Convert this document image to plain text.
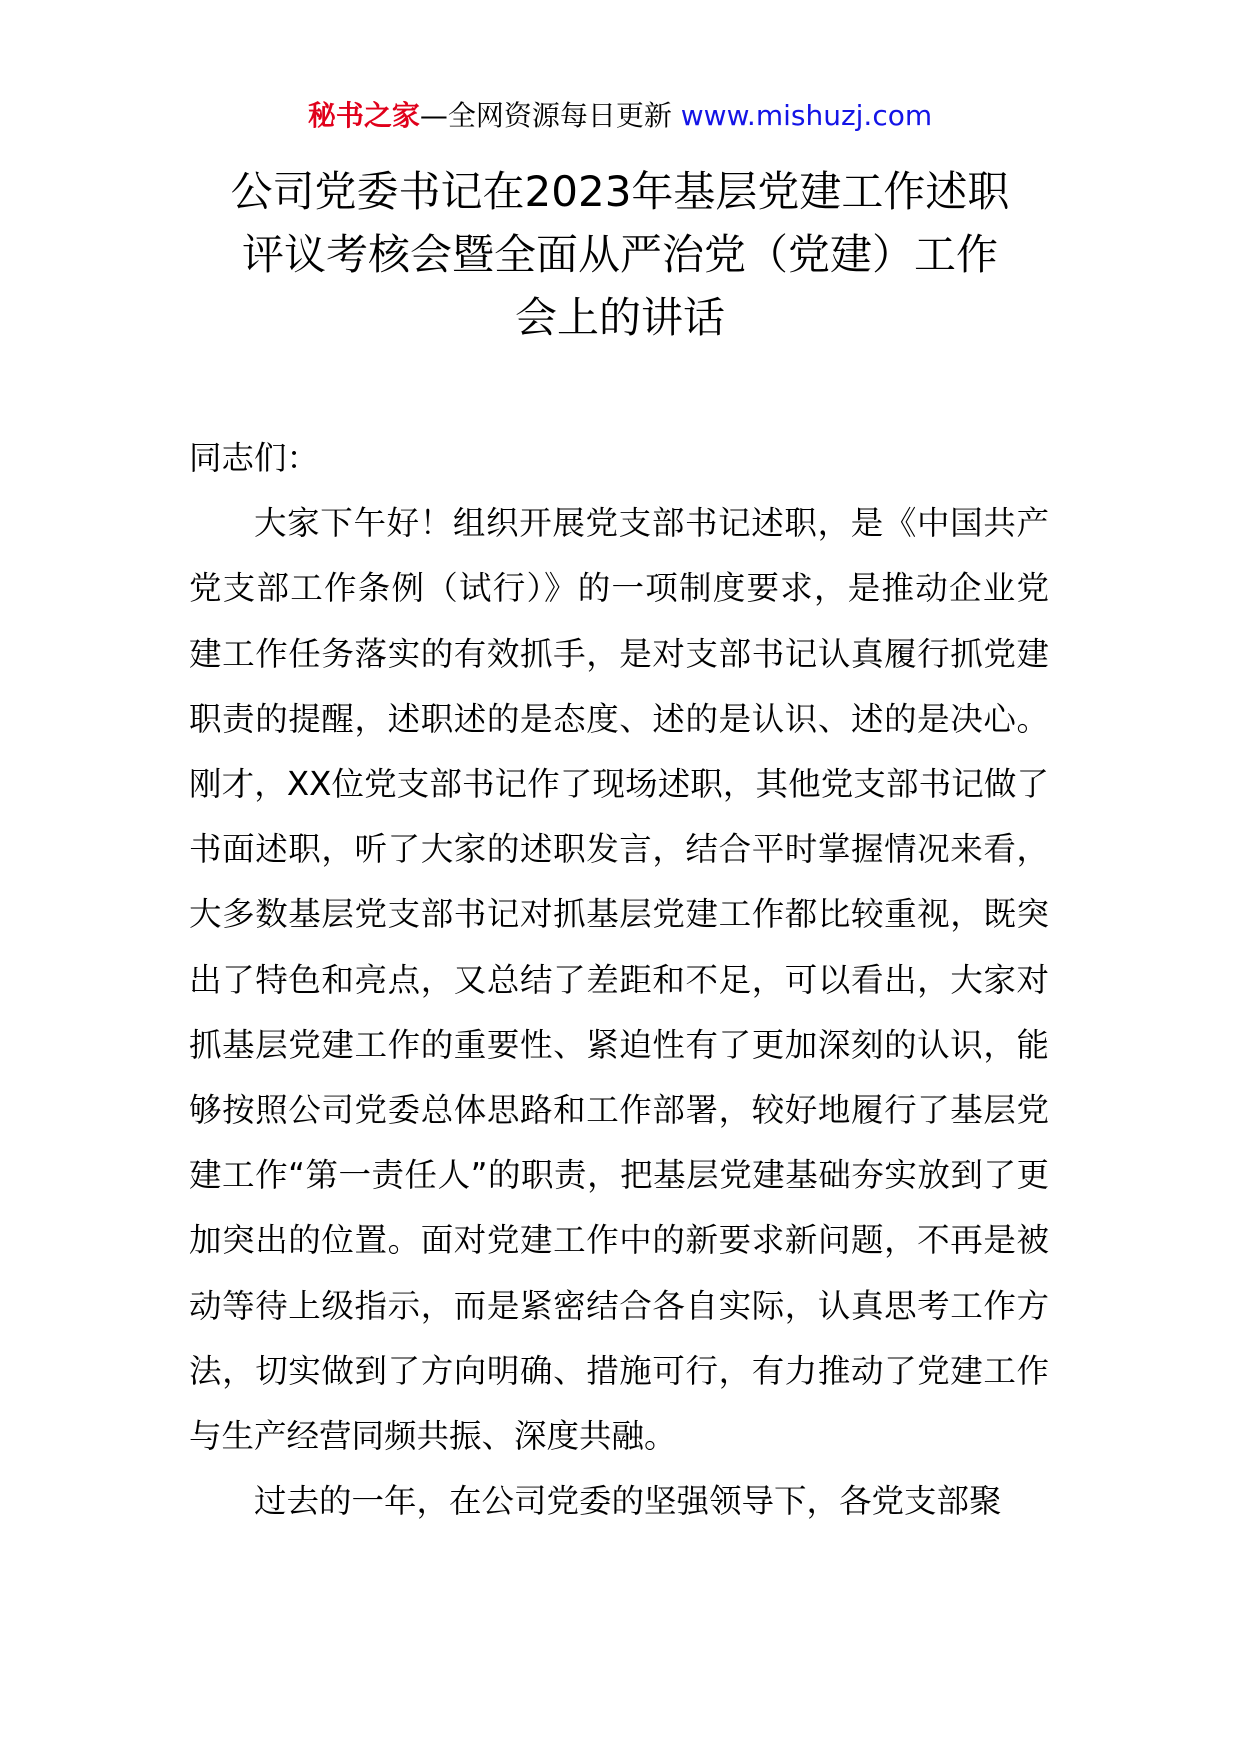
秘书之家—全网资源每日更新 www.mishuzj.com
公司党委书记在2023年基层党建工作述职
评议考核会暨全面从严治党（党建）工作
会上的讲话

同志们：

大家下午好！组织开展党支部书记述职，是《中国共产党支部工作条例（试行）》的一项制度要求，是推动企业党建工作任务落实的有效抓手，是对支部书记认真履行抓党建职责的提醒，述职述的是态度、述的是认识、述的是决心。刚才，XX位党支部书记作了现场述职，其他党支部书记做了书面述职，听了大家的述职发言，结合平时掌握情况来看，大多数基层党支部书记对抓基层党建工作都比较重视，既突出了特色和亮点，又总结了差距和不足，可以看出，大家对抓基层党建工作的重要性、紧迫性有了更加深刻的认识，能够按照公司党委总体思路和工作部署，较好地履行了基层党建工作“第一责任人”的职责，把基层党建基础夯实放到了更加突出的位置。面对党建工作中的新要求新问题，不再是被动等待上级指示，而是紧密结合各自实际，认真思考工作方法，切实做到了方向明确、措施可行，有力推动了党建工作与生产经营同频共振、深度共融。

过去的一年，在公司党委的坚强领导下，各党支部聚
